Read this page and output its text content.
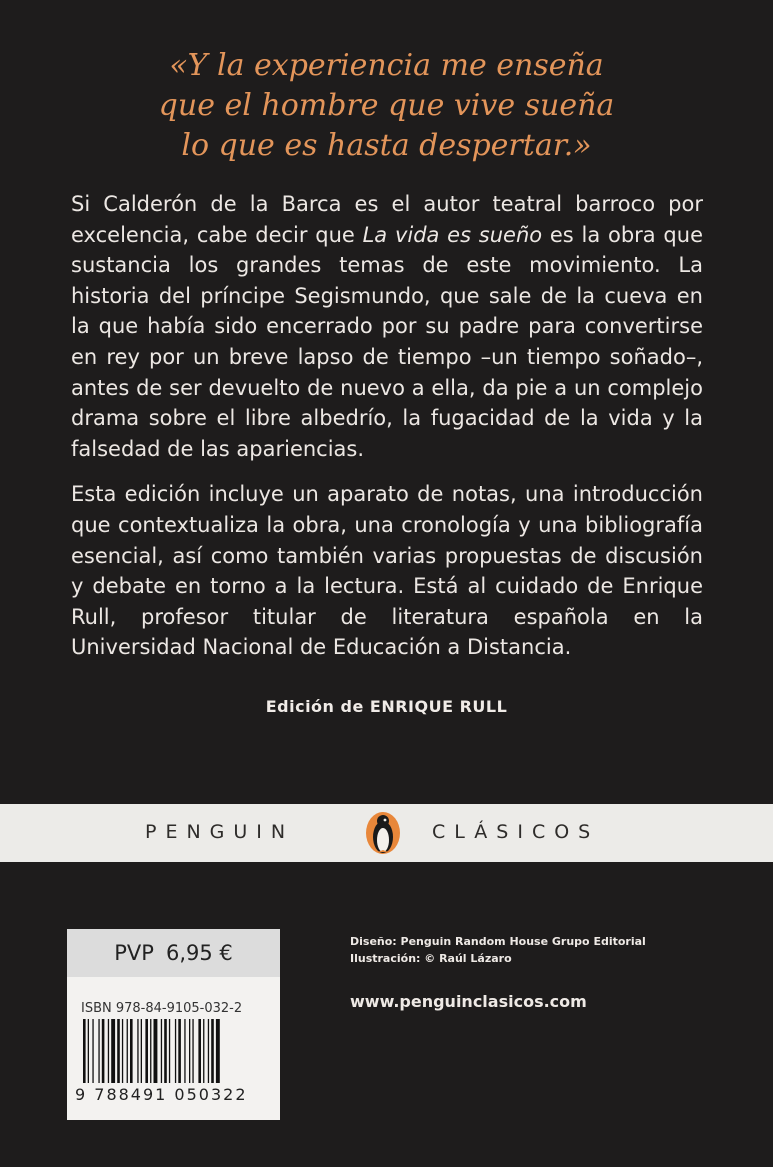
«Y la experiencia me enseña
que el hombre que vive sueña
lo que es hasta despertar.»

Si Calderón de la Barca es el autor teatral barroco por excelencia, cabe decir que La vida es sueño es la obra que sustancia los grandes temas de este movimiento. La historia del príncipe Segismundo, que sale de la cueva en la que había sido encerrado por su padre para convertirse en rey por un breve lapso de tiempo –un tiempo soñado–, antes de ser devuelto de nuevo a ella, da pie a un complejo drama sobre el libre albedrío, la fugacidad de la vida y la falsedad de las apariencias.

Esta edición incluye un aparato de notas, una introducción que contextualiza la obra, una cronología y una bibliografía esencial, así como también varias propuestas de discusión y debate en torno a la lectura. Está al cuidado de Enrique Rull, profesor titular de literatura española en la Universidad Nacional de Educación a Distancia.

Edición de ENRIQUE RULL
PENGUIN	CLÁSICOS
PVP 6,95 €
ISBN 978-84-9105-032-2
9 788491 050322
Diseño: Penguin Random House Grupo Editorial
Ilustración: © Raúl Lázaro
www.penguinclasicos.com
